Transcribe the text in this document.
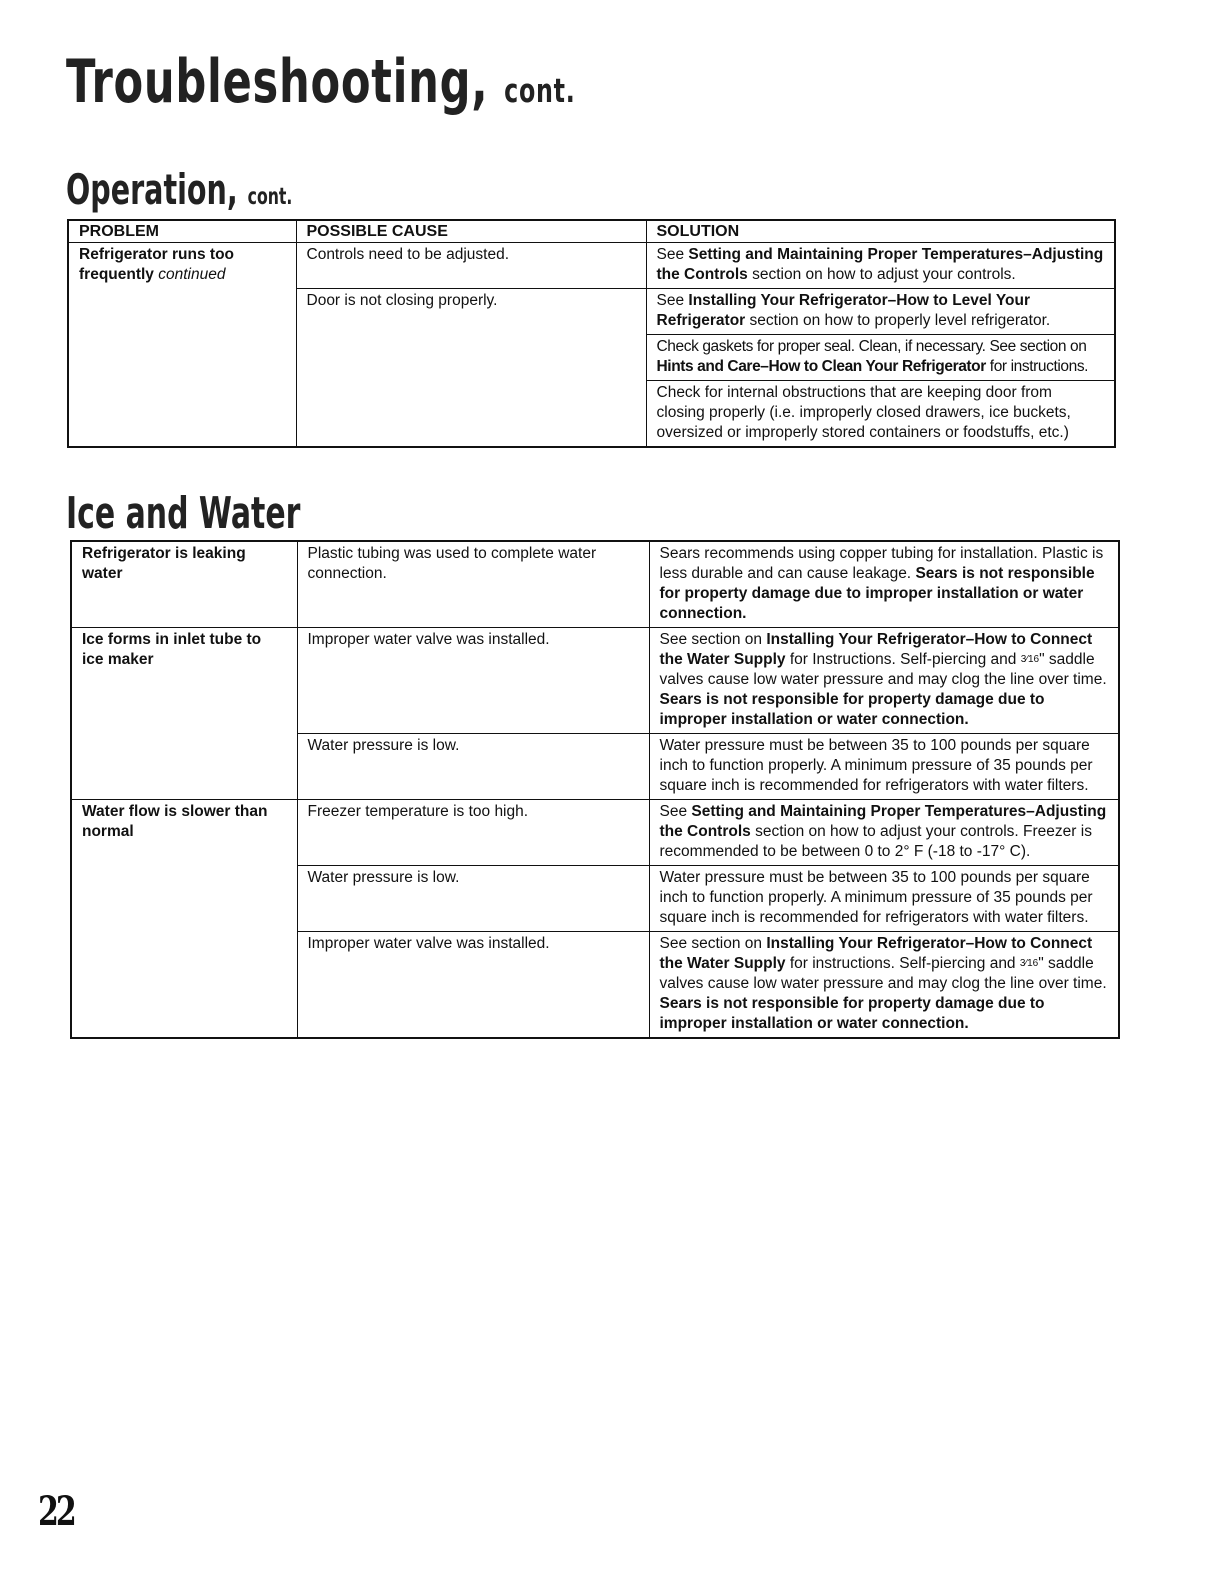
Troubleshooting, cont.
Operation, cont.
PROBLEM	POSSIBLE CAUSE	SOLUTION
Refrigerator runs too frequently continued	Controls need to be adjusted.	See Setting and Maintaining Proper Temperatures–Adjusting the Controls section on how to adjust your controls.
	Door is not closing properly.	See Installing Your Refrigerator–How to Level Your Refrigerator section on how to properly level refrigerator.
		Check gaskets for proper seal. Clean, if necessary. See section on Hints and Care–How to Clean Your Refrigerator for instructions.
		Check for internal obstructions that are keeping door from closing properly (i.e. improperly closed drawers, ice buckets, oversized or improperly stored containers or foodstuffs, etc.)
Ice and Water
Refrigerator is leaking water	Plastic tubing was used to complete water connection.	Sears recommends using copper tubing for installation. Plastic is less durable and can cause leakage. Sears is not responsible for property damage due to improper installation or water connection.
Ice forms in inlet tube to ice maker	Improper water valve was installed.	See section on Installing Your Refrigerator–How to Connect the Water Supply for Instructions. Self-piercing and 3⁄16" saddle valves cause low water pressure and may clog the line over time. Sears is not responsible for property damage due to improper installation or water connection.
	Water pressure is low.	Water pressure must be between 35 to 100 pounds per square inch to function properly. A minimum pressure of 35 pounds per square inch is recommended for refrigerators with water filters.
Water flow is slower than normal	Freezer temperature is too high.	See Setting and Maintaining Proper Temperatures–Adjusting the Controls section on how to adjust your controls. Freezer is recommended to be between 0 to 2° F (-18 to -17° C).
	Water pressure is low.	Water pressure must be between 35 to 100 pounds per square inch to function properly. A minimum pressure of 35 pounds per square inch is recommended for refrigerators with water filters.
	Improper water valve was installed.	See section on Installing Your Refrigerator–How to Connect the Water Supply for instructions. Self-piercing and 3⁄16" saddle valves cause low water pressure and may clog the line over time. Sears is not responsible for property damage due to improper installation or water connection.
22
